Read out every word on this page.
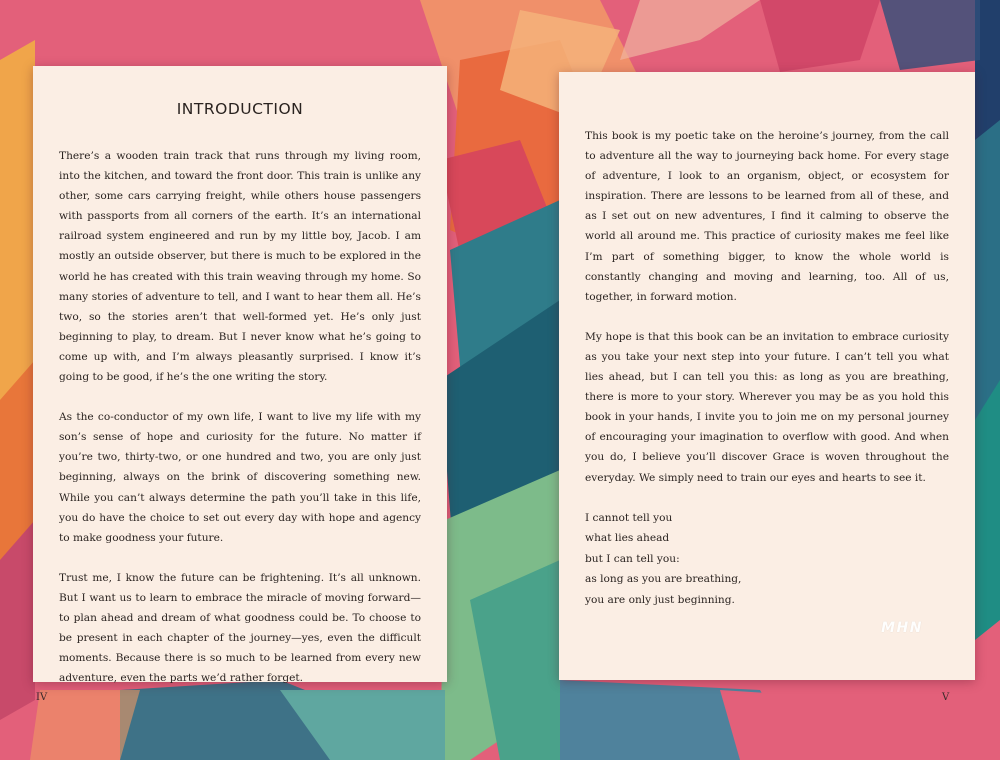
INTRODUCTION

There’s a wooden train track that runs through my living room, into the kitchen, and toward the front door. This train is unlike any other, some cars carrying freight, while others house passengers with passports from all corners of the earth. It’s an international railroad system engineered and run by my little boy, Jacob. I am mostly an outside observer, but there is much to be explored in the world he has created with this train weaving through my home. So many stories of adventure to tell, and I want to hear them all. He’s two, so the stories aren’t that well-formed yet. He’s only just beginning to play, to dream. But I never know what he’s going to come up with, and I’m always pleasantly surprised. I know it’s going to be good, if he’s the one writing the story.

As the co-conductor of my own life, I want to live my life with my son’s sense of hope and curiosity for the future. No matter if you’re two, thirty-two, or one hundred and two, you are only just beginning, always on the brink of discovering something new. While you can’t always determine the path you’ll take in this life, you do have the choice to set out every day with hope and agency to make goodness your future.

Trust me, I know the future can be frightening. It’s all unknown. But I want us to learn to embrace the miracle of moving forward—to plan ahead and dream of what goodness could be. To choose to be present in each chapter of the journey—yes, even the difficult moments. Because there is so much to be learned from every new adventure, even the parts we’d rather forget.

This book is my poetic take on the heroine’s journey, from the call to adventure all the way to journeying back home. For every stage of adventure, I look to an organism, object, or ecosystem for inspiration. There are lessons to be learned from all of these, and as I set out on new adventures, I find it calming to observe the world all around me. This practice of curiosity makes me feel like I’m part of something bigger, to know the whole world is constantly changing and moving and learning, too. All of us, together, in forward motion.

My hope is that this book can be an invitation to embrace curiosity as you take your next step into your future. I can’t tell you what lies ahead, but I can tell you this: as long as you are breathing, there is more to your story. Wherever you may be as you hold this book in your hands, I invite you to join me on my personal journey of encouraging your imagination to overflow with good. And when you do, I believe you’ll discover Grace is woven throughout the everyday. We simply need to train our eyes and hearts to see it.

I cannot tell you
what lies ahead
but I can tell you:
as long as you are breathing,
you are only just beginning.
MHN
IV	V
